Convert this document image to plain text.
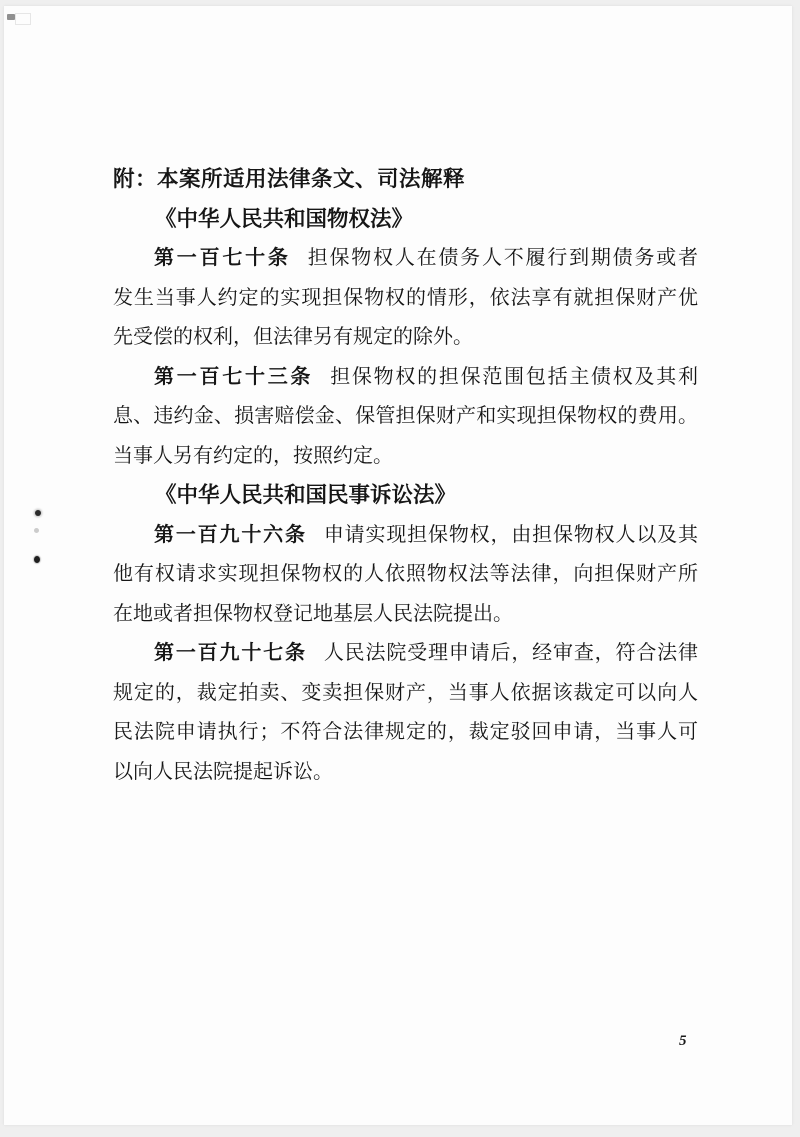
附：本案所适用法律条文、司法解释
《中华人民共和国物权法》
第一百七十条 担保物权人在债务人不履行到期债务或者
发生当事人约定的实现担保物权的情形，依法享有就担保财产优
先受偿的权利，但法律另有规定的除外。
第一百七十三条 担保物权的担保范围包括主债权及其利
息、违约金、损害赔偿金、保管担保财产和实现担保物权的费用。
当事人另有约定的，按照约定。
《中华人民共和国民事诉讼法》
第一百九十六条 申请实现担保物权，由担保物权人以及其
他有权请求实现担保物权的人依照物权法等法律，向担保财产所
在地或者担保物权登记地基层人民法院提出。
第一百九十七条 人民法院受理申请后，经审查，符合法律
规定的，裁定拍卖、变卖担保财产，当事人依据该裁定可以向人
民法院申请执行；不符合法律规定的，裁定驳回申请，当事人可
以向人民法院提起诉讼。
5
